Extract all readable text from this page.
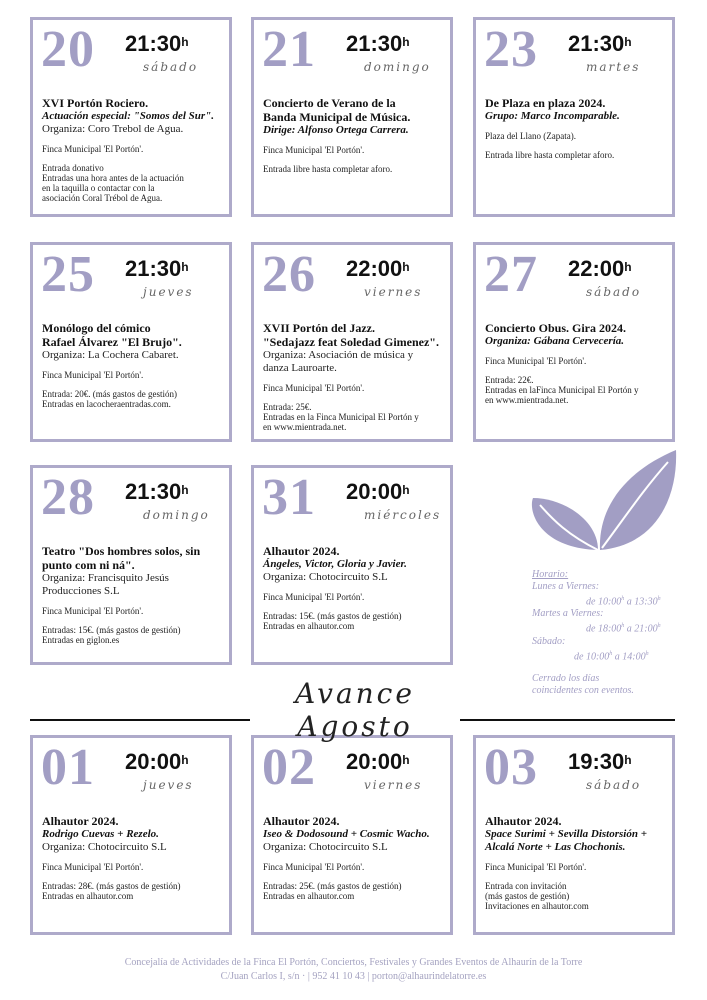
20 21:30$^h$
sábado
XVI Portón Rociero.
Actuación especial: "Somos del Sur".
Organiza: Coro Trebol de Agua.
Finca Municipal 'El Portón'.
Entrada donativo
Entradas una hora antes de la actuación
en la taquilla o contactar con la
asociación Coral Trébol de Agua.
21 21:30$^h$
domingo
Concierto de Verano de la
Banda Municipal de Música.
Dirige: Alfonso Ortega Carrera.
Finca Municipal 'El Portón'.
Entrada libre hasta completar aforo.
23 21:30$^h$
martes
De Plaza en plaza 2024.
Grupo: Marco Incomparable.
Plaza del Llano (Zapata).
Entrada libre hasta completar aforo.
25 21:30$^h$
jueves
Monólogo del cómico
Rafael Álvarez "El Brujo".
Organiza: La Cochera Cabaret.
Finca Municipal 'El Portón'.
Entrada: 20€. (más gastos de gestión)
Entradas en lacocheraentradas.com.
26 22:00$^h$
viernes
XVII Portón del Jazz.
"Sedajazz feat Soledad Gimenez".
Organiza: Asociación de música y
danza Lauroarte.
Finca Municipal 'El Portón'.
Entrada: 25€.
Entradas en la Finca Municipal El Portón y
en www.mientrada.net.
27 22:00$^h$
sábado
Concierto Obus. Gira 2024.
Organiza: Gábana Cervecería.
Finca Municipal 'El Portón'.
Entrada: 22€.
Entradas en laFinca Municipal El Portón y
en www.mientrada.net.
28 21:30$^h$
domingo
Teatro "Dos hombres solos, sin
punto com ni ná".
Organiza: Francisquito Jesús
Producciones S.L
Finca Municipal 'El Portón'.
Entradas: 15€. (más gastos de gestión)
Entradas en giglon.es
31 20:00$^h$
miércoles
Alhautor 2024.
Ángeles, Victor, Gloria y Javier.
Organiza: Chotocircuito S.L
Finca Municipal 'El Portón'.
Entradas: 15€. (más gastos de gestión)
Entradas en alhautor.com
01 20:00$^h$
jueves
Alhautor 2024.
Rodrigo Cuevas + Rezelo.
Organiza: Chotocircuito S.L
Finca Municipal 'El Portón'.
Entradas: 28€. (más gastos de gestión)
Entradas en alhautor.com
02 20:00$^h$
viernes
Alhautor 2024.
Iseo & Dodosound + Cosmic Wacho.
Organiza: Chotocircuito S.L
Finca Municipal 'El Portón'.
Entradas: 25€. (más gastos de gestión)
Entradas en alhautor.com
03 19:30$^h$
sábado
Alhautor 2024.
Space Surimi + Sevilla Distorsión +
Alcalá Norte + Las Chochonis.
Finca Municipal 'El Portón'.
Entrada con invitación
(más gastos de gestión)
Invitaciones en alhautor.com
Horario:
Lunes a Viernes:
de 10:00$^h$ a 13:30$^h$
Martes a Viernes:
de 18:00$^h$ a 21:00$^h$
Sábado:
de 10:00$^h$ a 14:00$^h$
Cerrado los días
coincidentes con eventos.
Avance Agosto
Concejalía de Actividades de la Finca El Portón, Conciertos, Festivales y Grandes Eventos de Alhaurín de la Torre
C/Juan Carlos I, s/n · | 952 41 10 43 | porton@alhaurindelatorre.es
